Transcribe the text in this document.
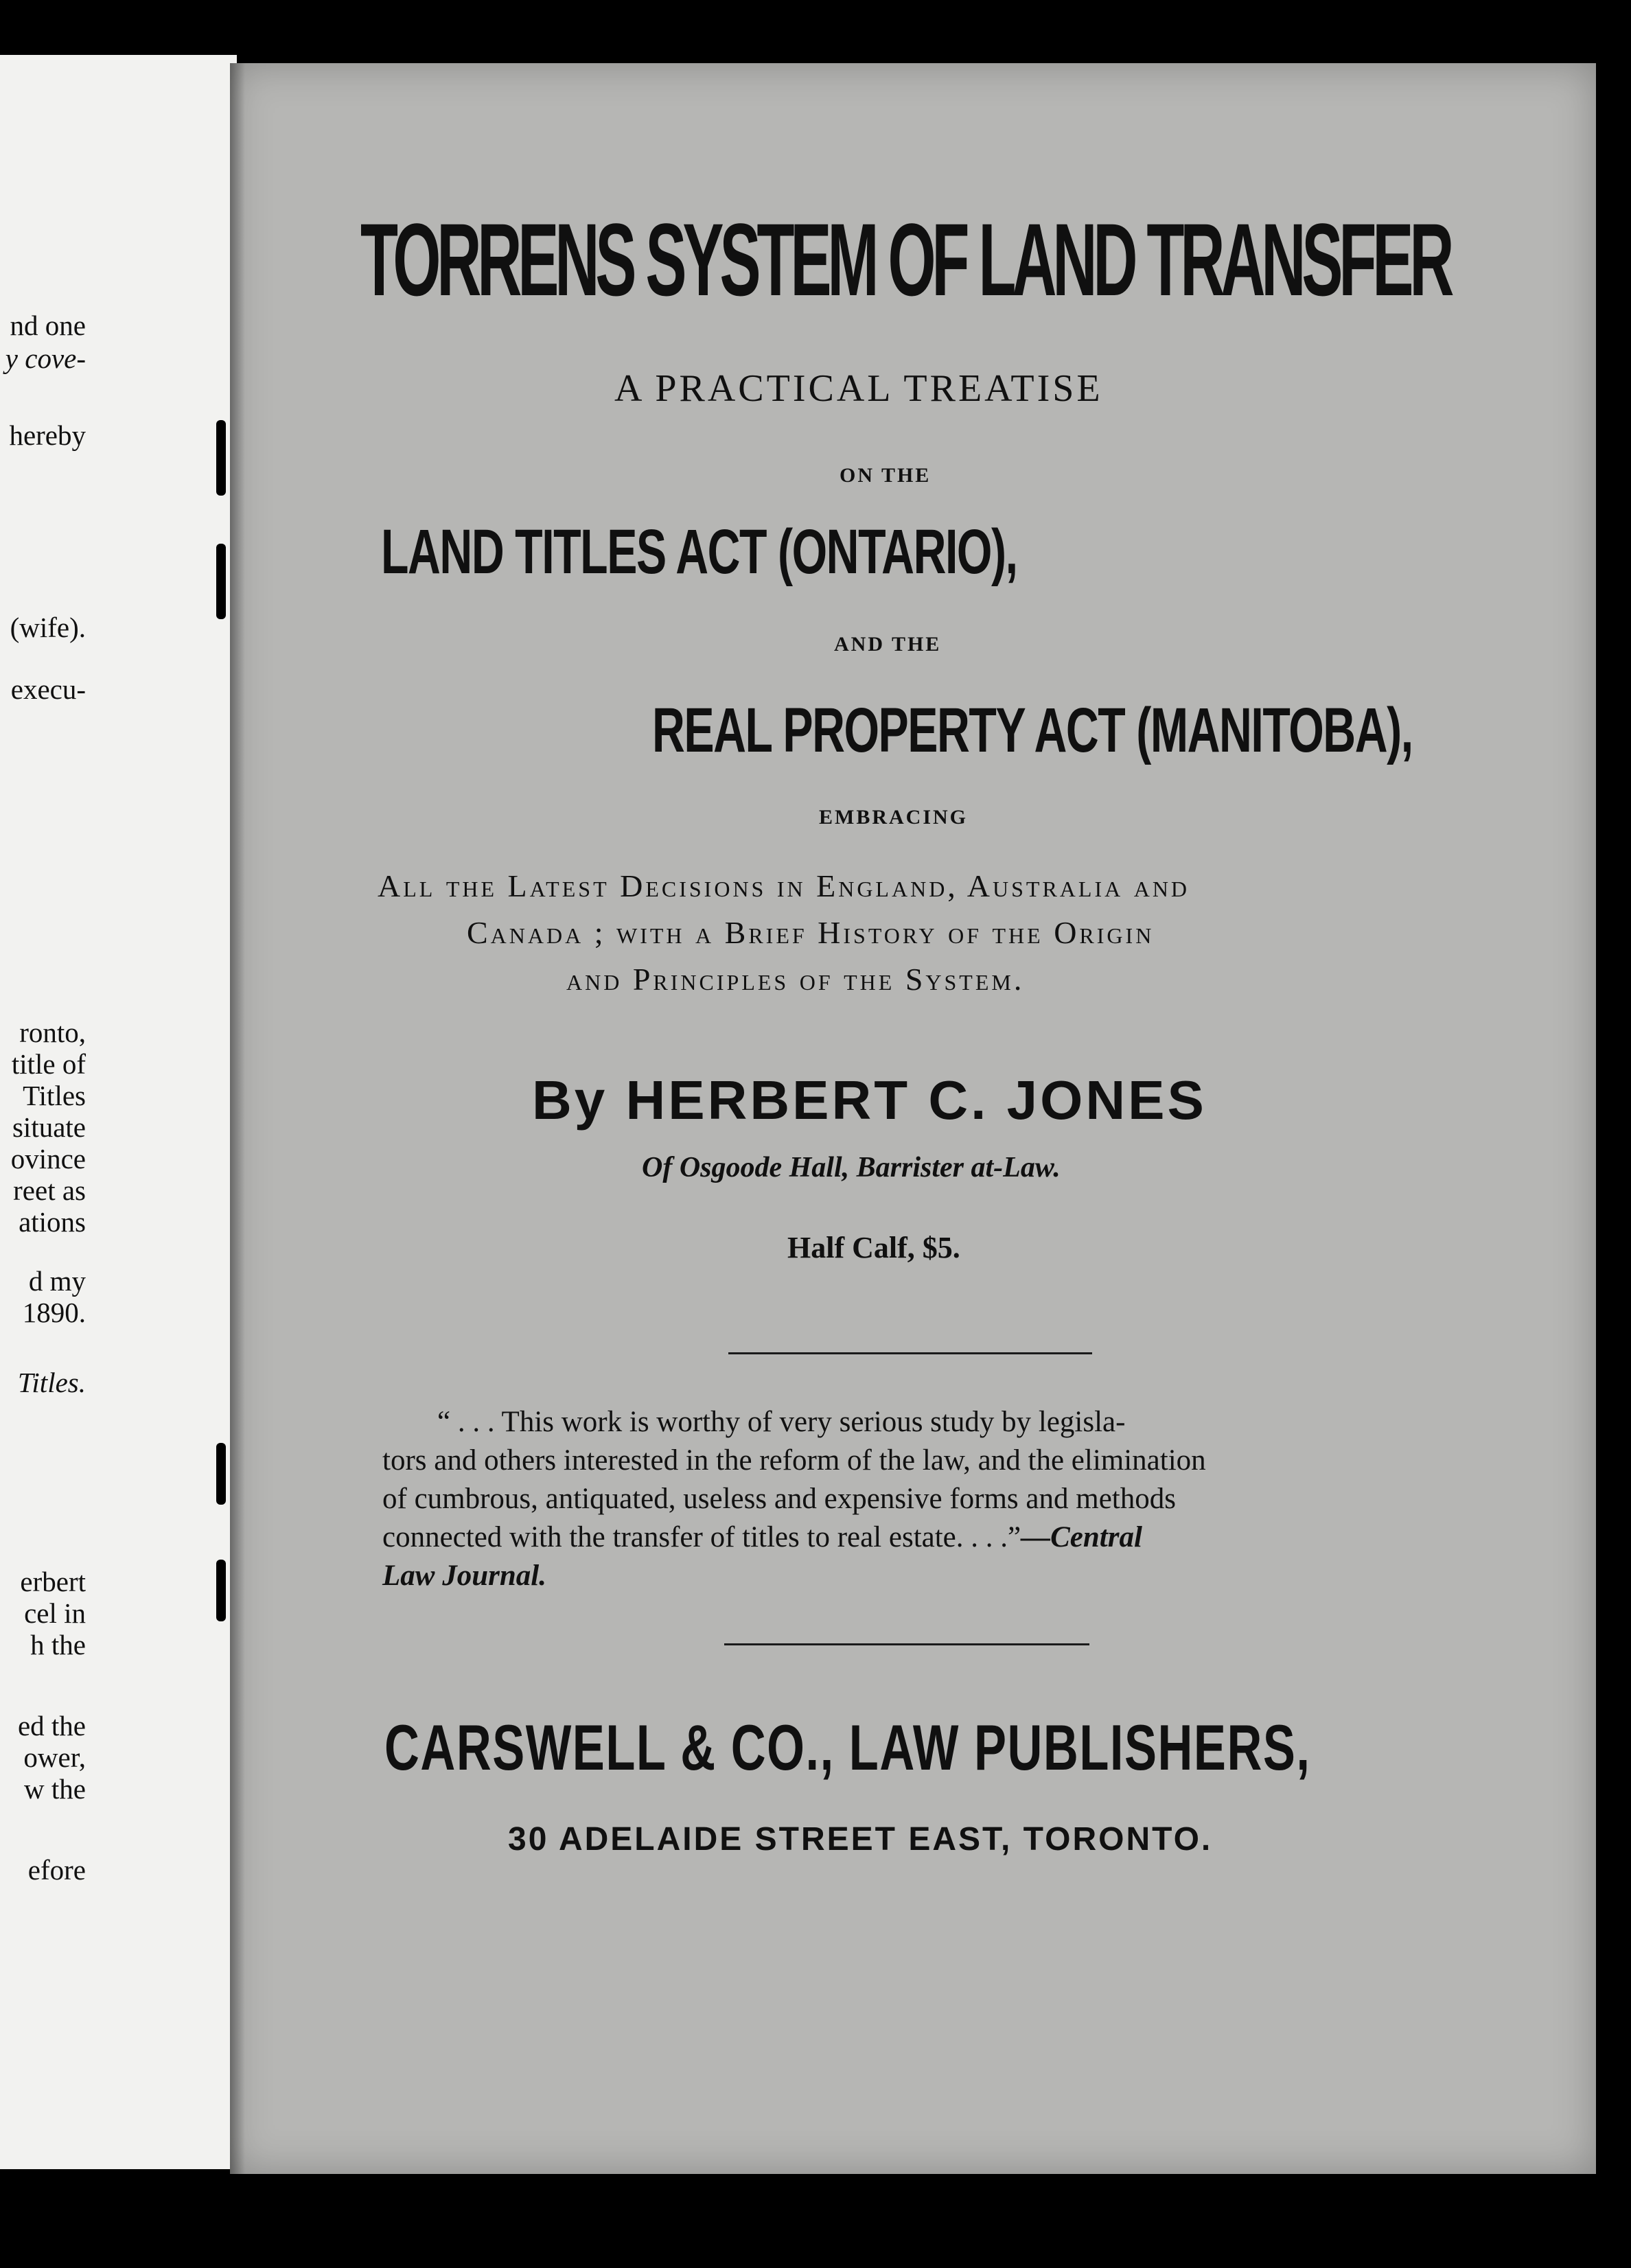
nd one
y cove-
hereby
(wife).
execu-
ronto,
title of
Titles
situate
ovince
reet as
ations
d my
1890.
Titles.
erbert
cel in
h the
ed the
ower,
w the
efore
TORRENS SYSTEM OF LAND TRANSFER
A PRACTICAL TREATISE
ON THE
LAND TITLES ACT (ONTARIO),
AND THE
REAL PROPERTY ACT (MANITOBA),
EMBRACING
All the Latest Decisions in England, Australia and
Canada ; with a Brief History of the Origin
and Principles of the System.
By HERBERT C. JONES
Of Osgoode Hall, Barrister at-Law.
Half Calf, $5.
“ . . . This work is worthy of very serious study by legisla-
tors and others interested in the reform of the law, and the elimination
of cumbrous, antiquated, useless and expensive forms and methods
connected with the transfer of titles to real estate. . . .”—Central
Law Journal.
CARSWELL & CO., LAW PUBLISHERS,
30 ADELAIDE STREET EAST, TORONTO.
